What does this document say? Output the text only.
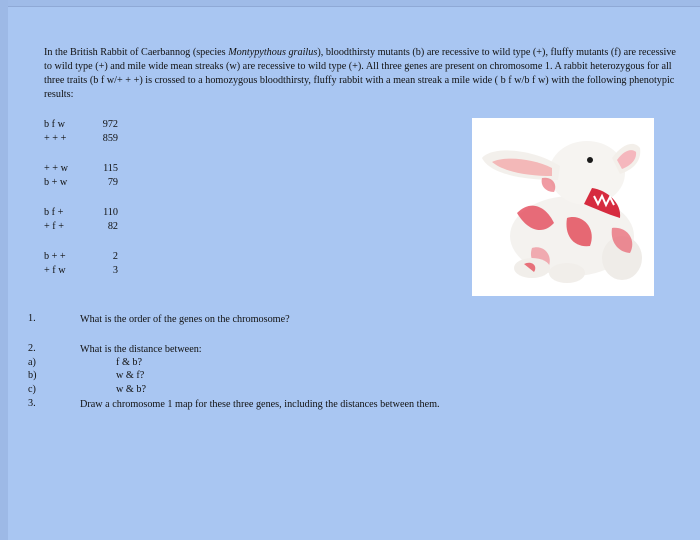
In the British Rabbit of Caerbannog (species Montypythous grailus), bloodthirsty mutants (b) are recessive to wild type (+), fluffy mutants (f) are recessive to wild type (+) and mile wide mean streaks (w) are recessive to wild type (+). All three genes are present on chromosome 1. A rabbit heterozygous for all three traits (b f w/+ + +) is crossed to a homozygous bloodthirsty, fluffy rabbit with a mean streak a mile wide ( b f w/b f w) with the following phenotypic results:

b f w	972
+ + +	859
+ + w	115
b + w	79
b f +	110
+ f +	82
b + +	2
+ f w	3
1.	What is the order of the genes on the chromosome?
2.	What is the distance between:
a)	f & b?
b)	w & f?
c)	w & b?
3.	Draw a chromosome 1 map for these three genes, including the distances between them.
